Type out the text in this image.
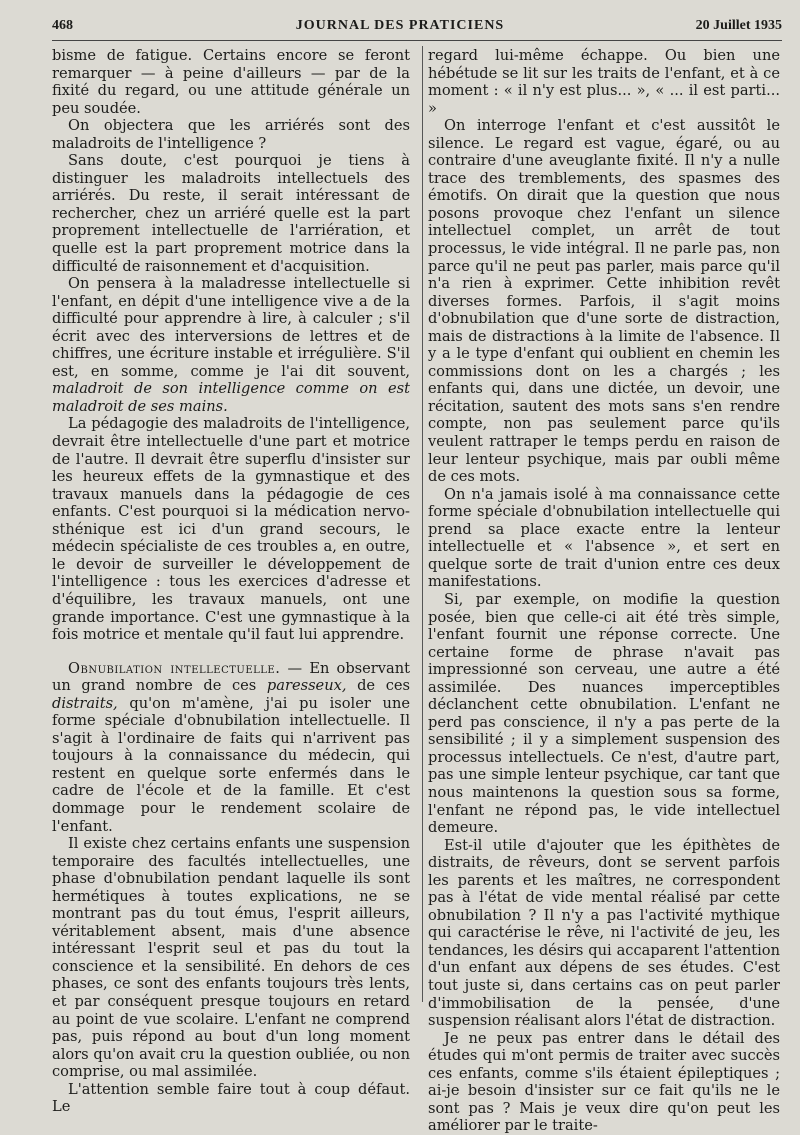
468	JOURNAL DES PRATICIENS	20 Juillet 1935

bisme de fatigue. Certains encore se feront remarquer — à peine d'ailleurs — par de la fixité du regard, ou une attitude générale un peu soudée.

On objectera que les arriérés sont des maladroits de l'intelligence ?

Sans doute, c'est pourquoi je tiens à distinguer les maladroits intellectuels des arriérés. Du reste, il serait intéressant de rechercher, chez un arriéré quelle est la part proprement intellectuelle de l'arriération, et quelle est la part proprement motrice dans la difficulté de raisonnement et d'acquisition.

On pensera à la maladresse intellectuelle si l'enfant, en dépit d'une intelligence vive a de la difficulté pour apprendre à lire, à calculer ; s'il écrit avec des interversions de lettres et de chiffres, une écriture instable et irrégulière. S'il est, en somme, comme je l'ai dit souvent, maladroit de son intelligence comme on est maladroit de ses mains.

La pédagogie des maladroits de l'intelligence, devrait être intellectuelle d'une part et motrice de l'autre. Il devrait être superflu d'insister sur les heureux effets de la gymnastique et des travaux manuels dans la pédagogie de ces enfants. C'est pourquoi si la médication nervo-sthénique est ici d'un grand secours, le médecin spécialiste de ces troubles a, en outre, le devoir de surveiller le développement de l'intelligence : tous les exercices d'adresse et d'équilibre, les travaux manuels, ont une grande importance. C'est une gymnastique à la fois motrice et mentale qu'il faut lui apprendre.

Obnubilation intellectuelle. — En observant un grand nombre de ces paresseux, de ces distraits, qu'on m'amène, j'ai pu isoler une forme spéciale d'obnubilation intellectuelle. Il s'agit à l'ordinaire de faits qui n'arrivent pas toujours à la connaissance du médecin, qui restent en quelque sorte enfermés dans le cadre de l'école et de la famille. Et c'est dommage pour le rendement scolaire de l'enfant.

Il existe chez certains enfants une suspension temporaire des facultés intellectuelles, une phase d'obnubilation pendant laquelle ils sont hermétiques à toutes explications, ne se montrant pas du tout émus, l'esprit ailleurs, véritablement absent, mais d'une absence intéressant l'esprit seul et pas du tout la conscience et la sensibilité. En dehors de ces phases, ce sont des enfants toujours très lents, et par conséquent presque toujours en retard au point de vue scolaire. L'enfant ne comprend pas, puis répond au bout d'un long moment alors qu'on avait cru la question oubliée, ou non comprise, ou mal assimilée.

L'attention semble faire tout à coup défaut. Le

regard lui-même échappe. Ou bien une hébétude se lit sur les traits de l'enfant, et à ce moment : « il n'y est plus... », « ... il est parti... »

On interroge l'enfant et c'est aussitôt le silence. Le regard est vague, égaré, ou au contraire d'une aveuglante fixité. Il n'y a nulle trace des tremblements, des spasmes des émotifs. On dirait que la question que nous posons provoque chez l'enfant un silence intellectuel complet, un arrêt de tout processus, le vide intégral. Il ne parle pas, non parce qu'il ne peut pas parler, mais parce qu'il n'a rien à exprimer. Cette inhibition revêt diverses formes. Parfois, il s'agit moins d'obnubilation que d'une sorte de distraction, mais de distractions à la limite de l'absence. Il y a le type d'enfant qui oublient en chemin les commissions dont on les a chargés ; les enfants qui, dans une dictée, un devoir, une récitation, sautent des mots sans s'en rendre compte, non pas seulement parce qu'ils veulent rattraper le temps perdu en raison de leur lenteur psychique, mais par oubli même de ces mots.

On n'a jamais isolé à ma connaissance cette forme spéciale d'obnubilation intellectuelle qui prend sa place exacte entre la lenteur intellectuelle et « l'absence », et sert en quelque sorte de trait d'union entre ces deux manifestations.

Si, par exemple, on modifie la question posée, bien que celle-ci ait été très simple, l'enfant fournit une réponse correcte. Une certaine forme de phrase n'avait pas impressionné son cerveau, une autre a été assimilée. Des nuances imperceptibles déclanchent cette obnubilation. L'enfant ne perd pas conscience, il n'y a pas perte de la sensibilité ; il y a simplement suspension des processus intellectuels. Ce n'est, d'autre part, pas une simple lenteur psychique, car tant que nous maintenons la question sous sa forme, l'enfant ne répond pas, le vide intellectuel demeure.

Est-il utile d'ajouter que les épithètes de distraits, de rêveurs, dont se servent parfois les parents et les maîtres, ne correspondent pas à l'état de vide mental réalisé par cette obnubilation ? Il n'y a pas l'activité mythique qui caractérise le rêve, ni l'activité de jeu, les tendances, les désirs qui accaparent l'attention d'un enfant aux dépens de ses études. C'est tout juste si, dans certains cas on peut parler d'immobilisation de la pensée, d'une suspension réalisant alors l'état de distraction.

Je ne peux pas entrer dans le détail des études qui m'ont permis de traiter avec succès ces enfants, comme s'ils étaient épileptiques ; ai-je besoin d'insister sur ce fait qu'ils ne le sont pas ? Mais je veux dire qu'on peut les améliorer par le traite-
